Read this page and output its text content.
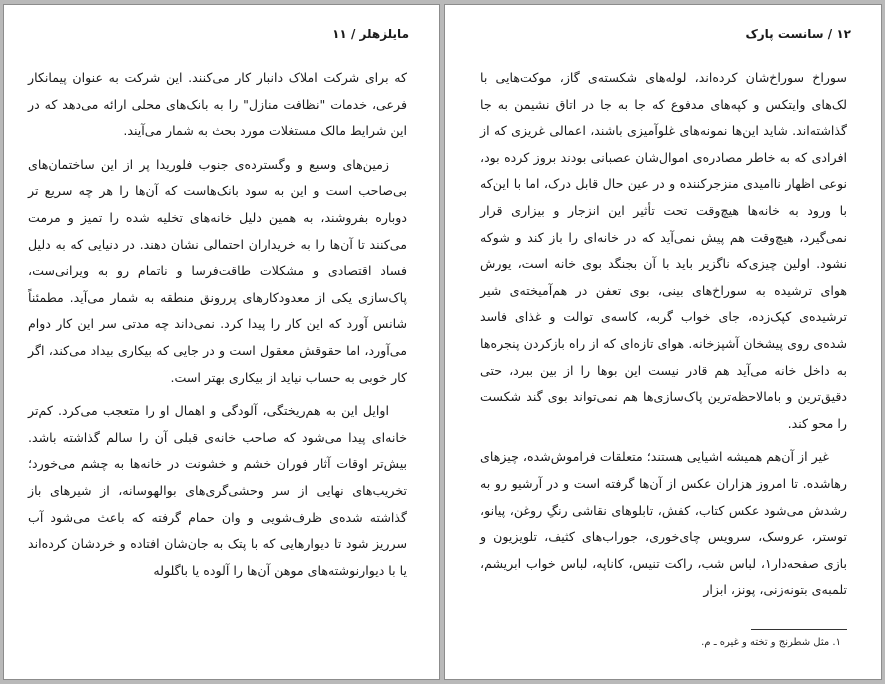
مایلزهلر / ۱۱

که برای شرکت املاک دانبار کار می‌کنند. این شرکت به عنوان پیمانکار فرعی، خدمات "نظافت منازل" را به بانک‌های محلی ارائه می‌دهد که در این شرایط مالک مستغلات مورد بحث به شمار می‌آیند.

زمین‌های وسیع و وگسترده‌ی جنوب فلوریدا پر از این ساختمان‌های بی‌صاحب است و این به سود بانک‌هاست که آن‌ها را هر چه سریع تر دوباره بفروشند، به همین دلیل خانه‌های تخلیه شده را تمیز و مرمت می‌کنند تا آن‌ها را به خریداران احتمالی نشان دهند. در دنیایی که به دلیل فساد اقتصادی و مشکلات طاقت‌فرسا و ناتمام رو به ویرانی‌ست، پاک‌سازی یکی از معدودکارهای پررونق منطقه به شمار می‌آید. مطمئناً شانس آورد که این کار را پیدا کرد. نمی‌داند چه مدتی سر این کار دوام می‌آورد، اما حقوقش معقول است و در جایی که بیکاری بیداد می‌کند، اگر کار خوبی به حساب نیاید از بیکاری بهتر است.

اوایل این به هم‌ریختگی، آلودگی و اهمال او را متعجب می‌کرد. کم‌تر خانه‌ای پیدا می‌شود که صاحب خانه‌ی قبلی آن را سالم گذاشته باشد. بیش‌تر اوقات آثار فوران خشم و خشونت در خانه‌ها به چشم می‌خورد؛ تخریب‌های نهایی از سر وحشی‌گری‌های بوالهوسانه، از شیرهای باز گذاشته شده‌ی ظرف‌شویی و وان حمام گرفته که باعث می‌شود آب سرریز شود تا دیوارهایی که با پتک به جان‌شان افتاده و خردشان کرده‌اند یا با دیوارنوشته‌های موهن آن‌ها را آلوده یا باگلوله

۱۲ / سانست پارک

سوراخ سوراخ‌شان کرده‌اند، لوله‌های شکسته‌ی گاز، موکت‌هایی با لک‌های وایتکس و کپه‌های مدفوع که جا به جا در اتاق نشیمن به جا گذاشته‌اند. شاید این‌ها نمونه‌های غلوآمیزی باشند، اعمالی غریزی که از افرادی که به خاطر مصادره‌ی اموال‌شان عصبانی بودند بروز کرده بود، نوعی اظهار ناامیدی منزجرکننده و در عین حال قابل درک، اما با این‌که با ورود به خانه‌ها هیچ‌وقت تحت تأثیر این انزجار و بیزاری قرار نمی‌گیرد، هیچ‌وقت هم پیش نمی‌آید که در خانه‌ای را باز کند و شوکه نشود. اولین چیزی‌که ناگزیر باید با آن بجنگد بوی خانه است، یورش هوای ترشیده به سوراخ‌های بینی، بوی تعفن در هم‌آمیخته‌ی شیر ترشیده‌ی کپک‌زده، جای خواب گربه، کاسه‌ی توالت و غذای فاسد شده‌ی روی پیشخان آشپزخانه. هوای تازه‌ای که از راه بازکردن پنجره‌ها به داخل خانه می‌آید هم قادر نیست این بوها را از بین ببرد، حتی دقیق‌ترین و بامالاحظه‌ترین پاک‌سازی‌ها هم نمی‌تواند بوی گند شکست را محو کند.

غیر از آن‌هم همیشه اشیایی هستند؛ متعلقات فراموش‌شده، چیزهای رهاشده. تا امروز هزاران عکس از آن‌ها گرفته است و در آرشیو رو به رشدش می‌شود عکس کتاب، کفش، تابلوهای نقاشی رنگِ روغن، پیانو، توستر، عروسک، سرویس چای‌خوری، جوراب‌های کثیف، تلویزیون و بازی صفحه‌دار۱، لباس شب، راکت تنیس، کاناپه، لباس خواب ابریشم، تلمبه‌ی بتونه‌زنی، پونز، ابزار

۱. مثل شطرنج و تخته و غیره ـ م.
